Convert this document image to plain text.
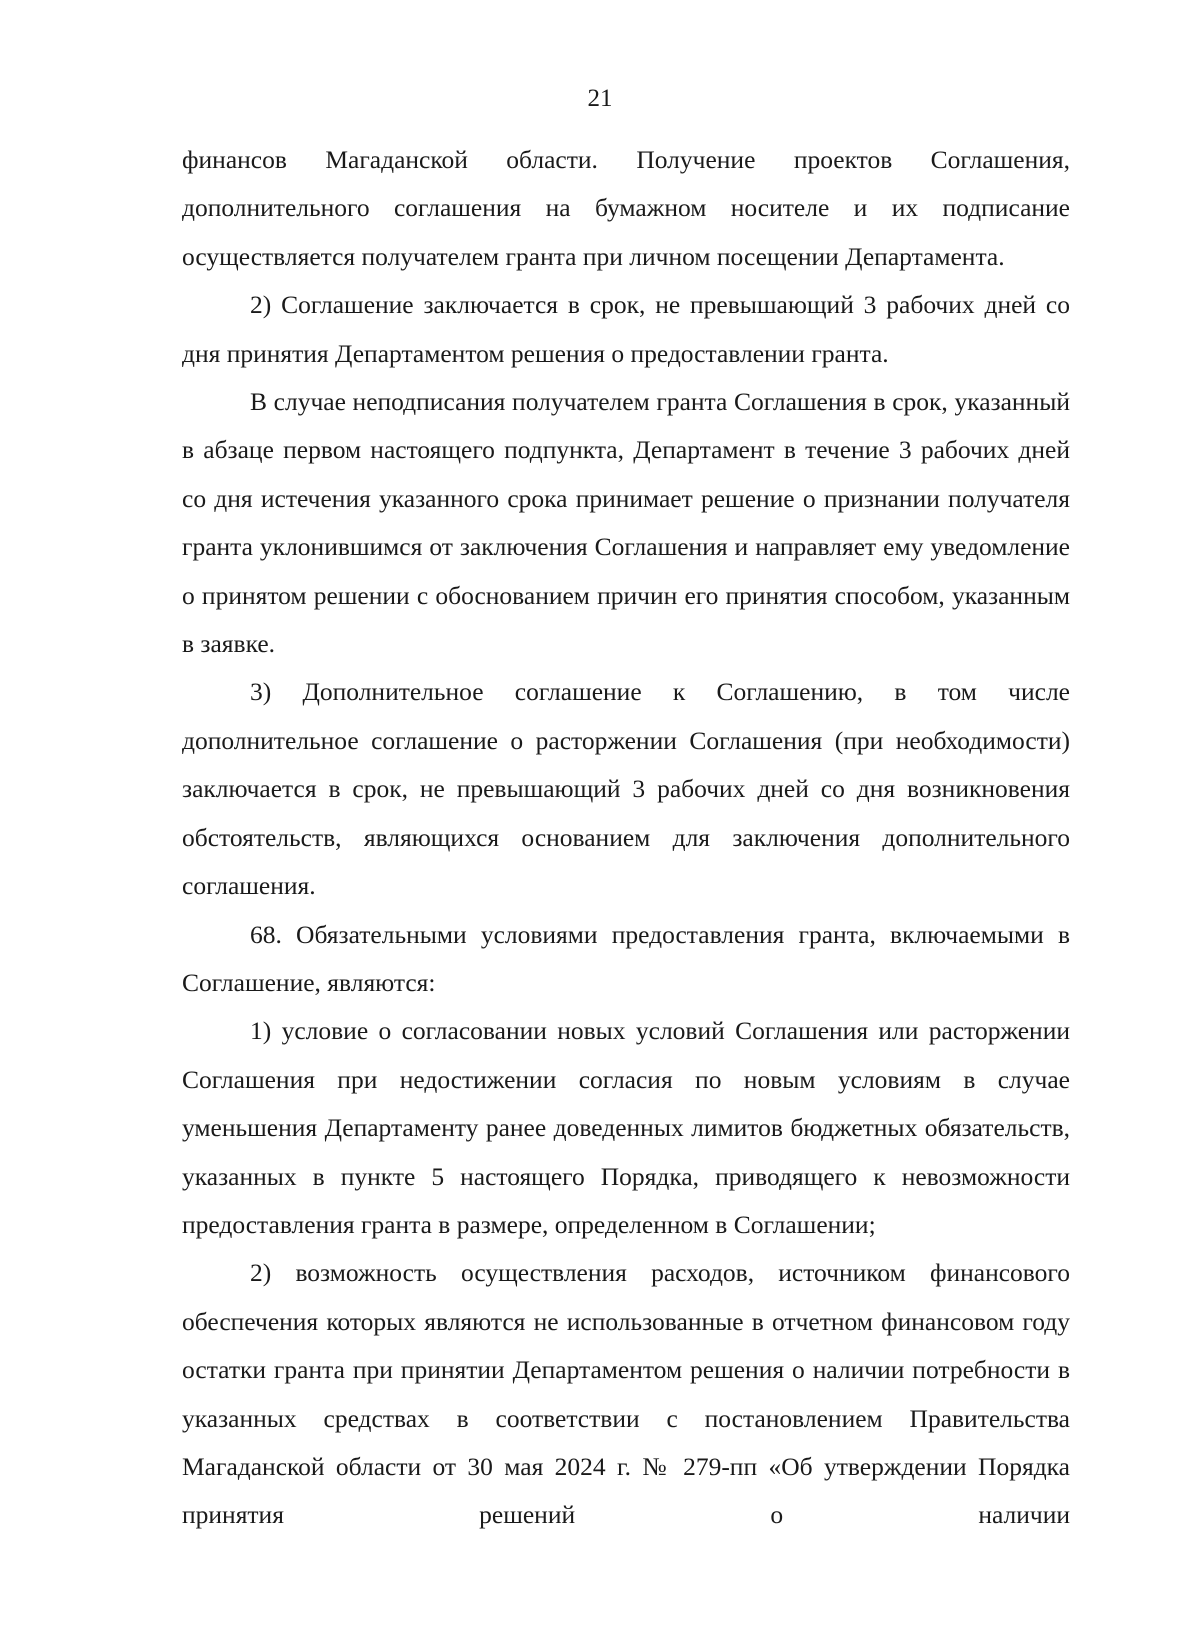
21

финансов Магаданской области. Получение проектов Соглашения, дополнительного соглашения на бумажном носителе и их подписание осуществляется получателем гранта при личном посещении Департамента.

2) Соглашение заключается в срок, не превышающий 3 рабочих дней со дня принятия Департаментом решения о предоставлении гранта.

В случае неподписания получателем гранта Соглашения в срок, указанный в абзаце первом настоящего подпункта, Департамент в течение 3 рабочих дней со дня истечения указанного срока принимает решение о признании получателя гранта уклонившимся от заключения Соглашения и направляет ему уведомление о принятом решении с обоснованием причин его принятия способом, указанным в заявке.

3) Дополнительное соглашение к Соглашению, в том числе дополнительное соглашение о расторжении Соглашения (при необходимости) заключается в срок, не превышающий 3 рабочих дней со дня возникновения обстоятельств, являющихся основанием для заключения дополнительного соглашения.

68. Обязательными условиями предоставления гранта, включаемыми в Соглашение, являются:

1) условие о согласовании новых условий Соглашения или расторжении Соглашения при недостижении согласия по новым условиям в случае уменьшения Департаменту ранее доведенных лимитов бюджетных обязательств, указанных в пункте 5 настоящего Порядка, приводящего к невозможности предоставления гранта в размере, определенном в Соглашении;

2) возможность осуществления расходов, источником финансового обеспечения которых являются не использованные в отчетном финансовом году остатки гранта при принятии Департаментом решения о наличии потребности в указанных средствах в соответствии с постановлением Правительства Магаданской области от 30 мая 2024 г. № 279-пп «Об утверждении Порядка принятия решений о наличии
